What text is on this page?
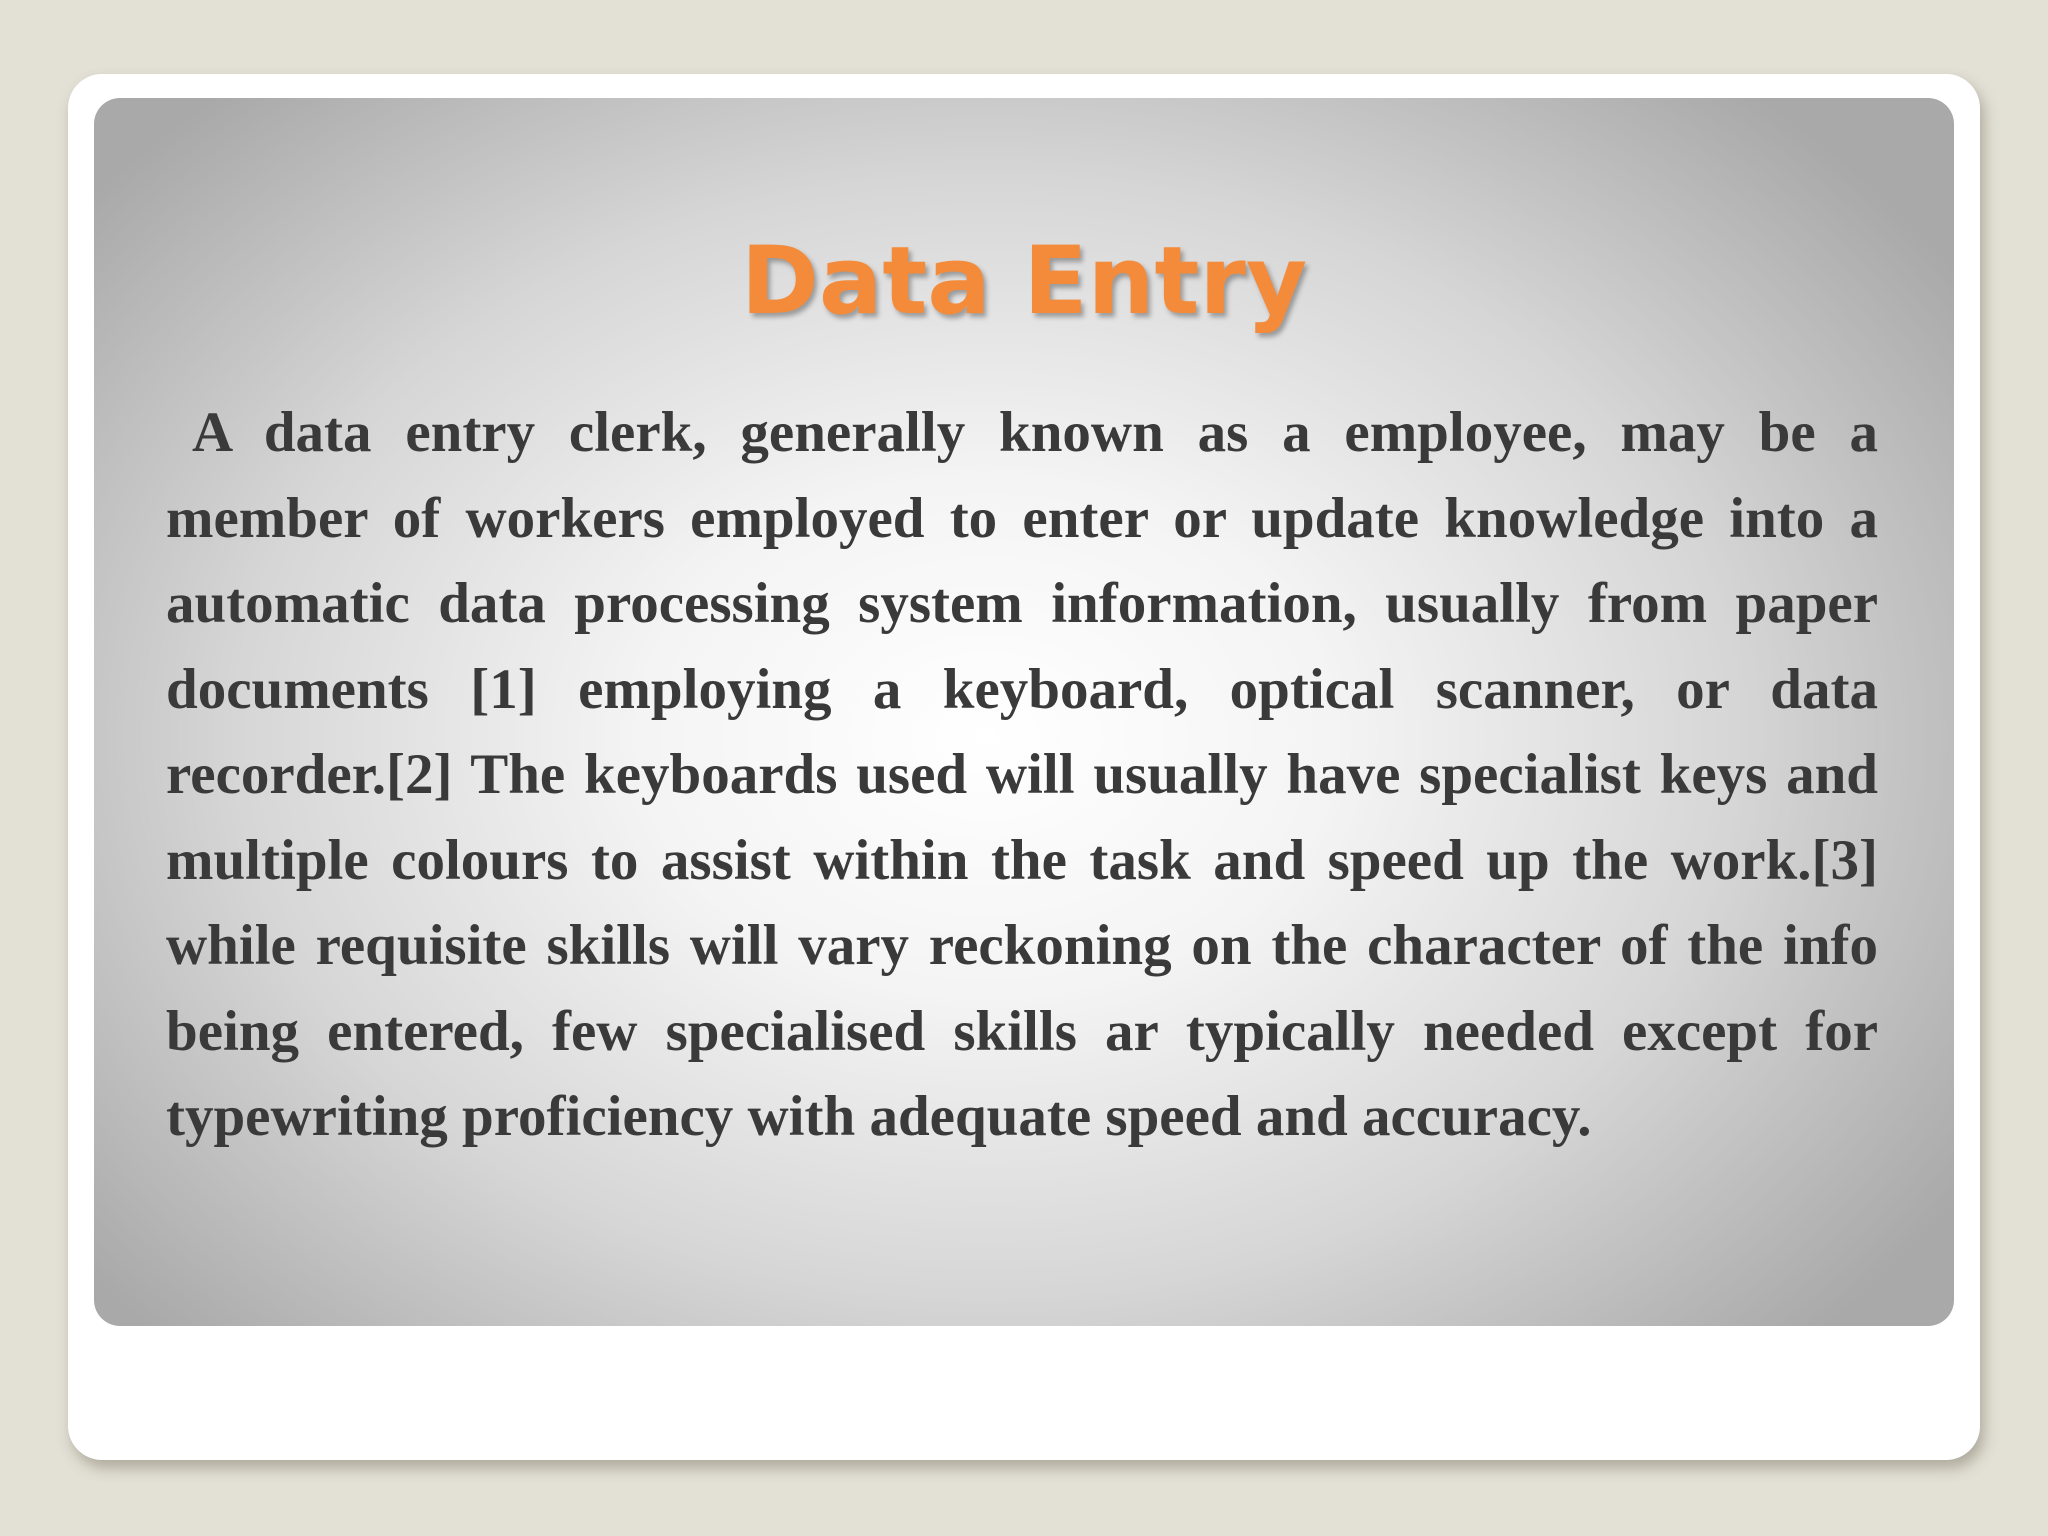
Data Entry

A data entry clerk, generally known as a employee, may be a member of workers employed to enter or update knowledge into a automatic data processing system information, usually from paper documents [1] employing a keyboard, optical scanner, or data recorder.[2] The keyboards used will usually have specialist keys and multiple colours to assist within the task and speed up the work.[3] while requisite skills will vary reckoning on the character of the info being entered, few specialised skills ar typically needed except for typewriting proficiency with adequate speed and accuracy.
